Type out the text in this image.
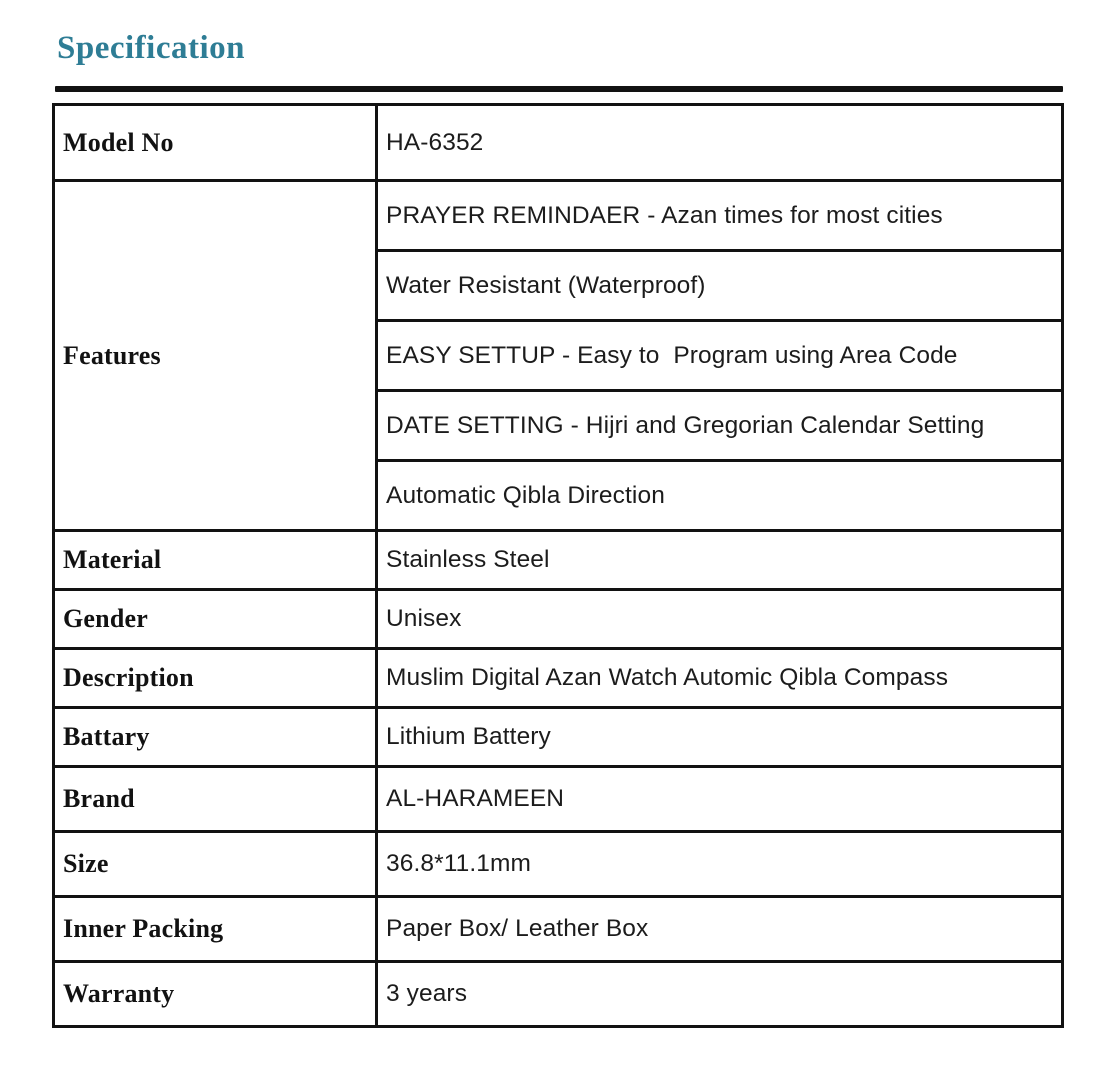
Specification
Model No	HA-6352
Features	PRAYER REMINDAER - Azan times for most cities
	Water Resistant (Waterproof)
	EASY SETTUP - Easy to  Program using Area Code
	DATE SETTING - Hijri and Gregorian Calendar Setting
	Automatic Qibla Direction
Material	Stainless Steel
Gender	Unisex
Description	Muslim Digital Azan Watch Automic Qibla Compass
Battary	Lithium Battery
Brand	AL-HARAMEEN
Size	36.8*11.1mm
Inner Packing	Paper Box/ Leather Box
Warranty	3 years
